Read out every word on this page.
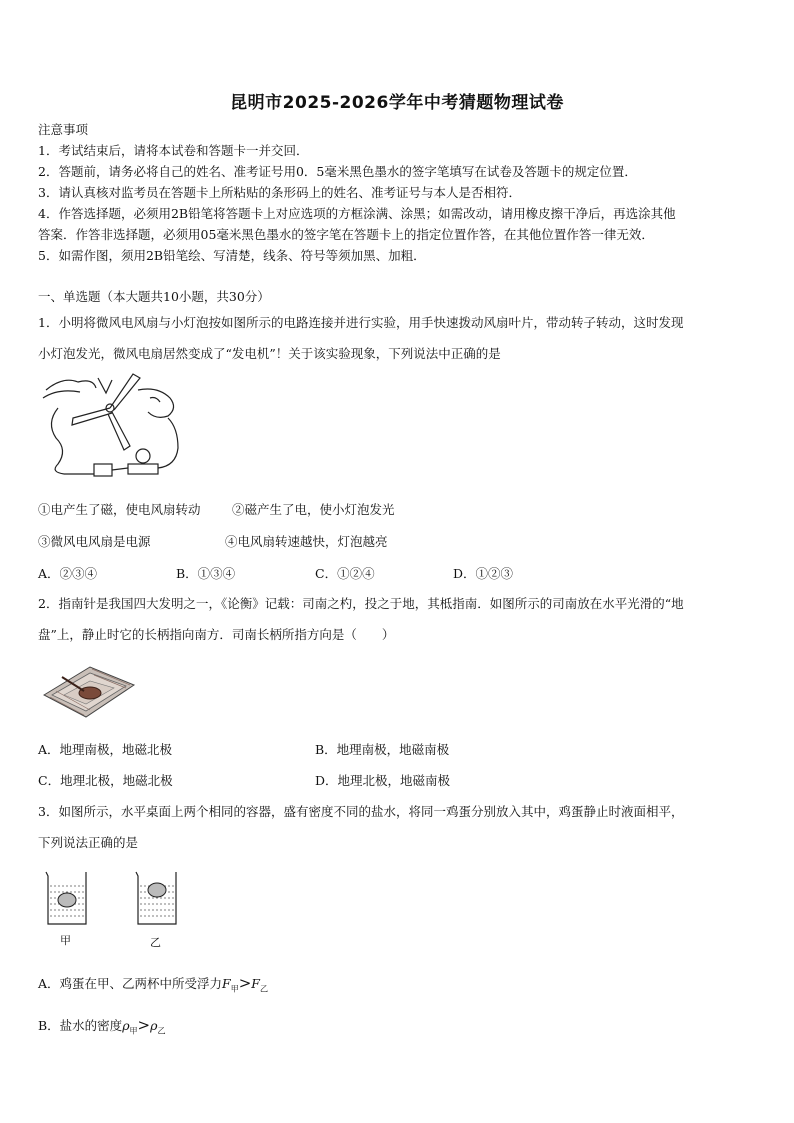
昆明市2025-2026学年中考猜题物理试卷
注意事项
1．考试结束后，请将本试卷和答题卡一并交回．
2．答题前，请务必将自己的姓名、准考证号用0．5毫米黑色墨水的签字笔填写在试卷及答题卡的规定位置．
3．请认真核对监考员在答题卡上所粘贴的条形码上的姓名、准考证号与本人是否相符．
4．作答选择题，必须用2B铅笔将答题卡上对应选项的方框涂满、涂黑；如需改动，请用橡皮擦干净后，再选涂其他
答案．作答非选择题，必须用05毫米黑色墨水的签字笔在答题卡上的指定位置作答，在其他位置作答一律无效．
5．如需作图，须用2B铅笔绘、写清楚，线条、符号等须加黑、加粗．
一、单选题（本大题共10小题，共30分）
1．小明将微风电风扇与小灯泡按如图所示的电路连接并进行实验，用手快速拨动风扇叶片，带动转子转动，这时发现
小灯泡发光，微风电扇居然变成了“发电机”！关于该实验现象，下列说法中正确的是
①电产生了磁，使电风扇转动	②磁产生了电，使小灯泡发光
③微风电风扇是电源	④电风扇转速越快，灯泡越亮
A．②③④	B．①③④	C．①②④	D．①②③
2．指南针是我国四大发明之一，《论衡》记载：司南之杓，投之于地，其柢指南．如图所示的司南放在水平光滑的“地
盘”上，静止时它的长柄指向南方．司南长柄所指方向是（　　）
A．地理南极，地磁北极	B．地理南极，地磁南极
C．地理北极，地磁北极	D．地理北极，地磁南极
3．如图所示，水平桌面上两个相同的容器，盛有密度不同的盐水，将同一鸡蛋分别放入其中，鸡蛋静止时液面相平，
下列说法正确的是
甲	乙
A．鸡蛋在甲、乙两杯中所受浮力$F_甲>F_乙$
B．盐水的密度$\rho_甲>\rho_乙$
